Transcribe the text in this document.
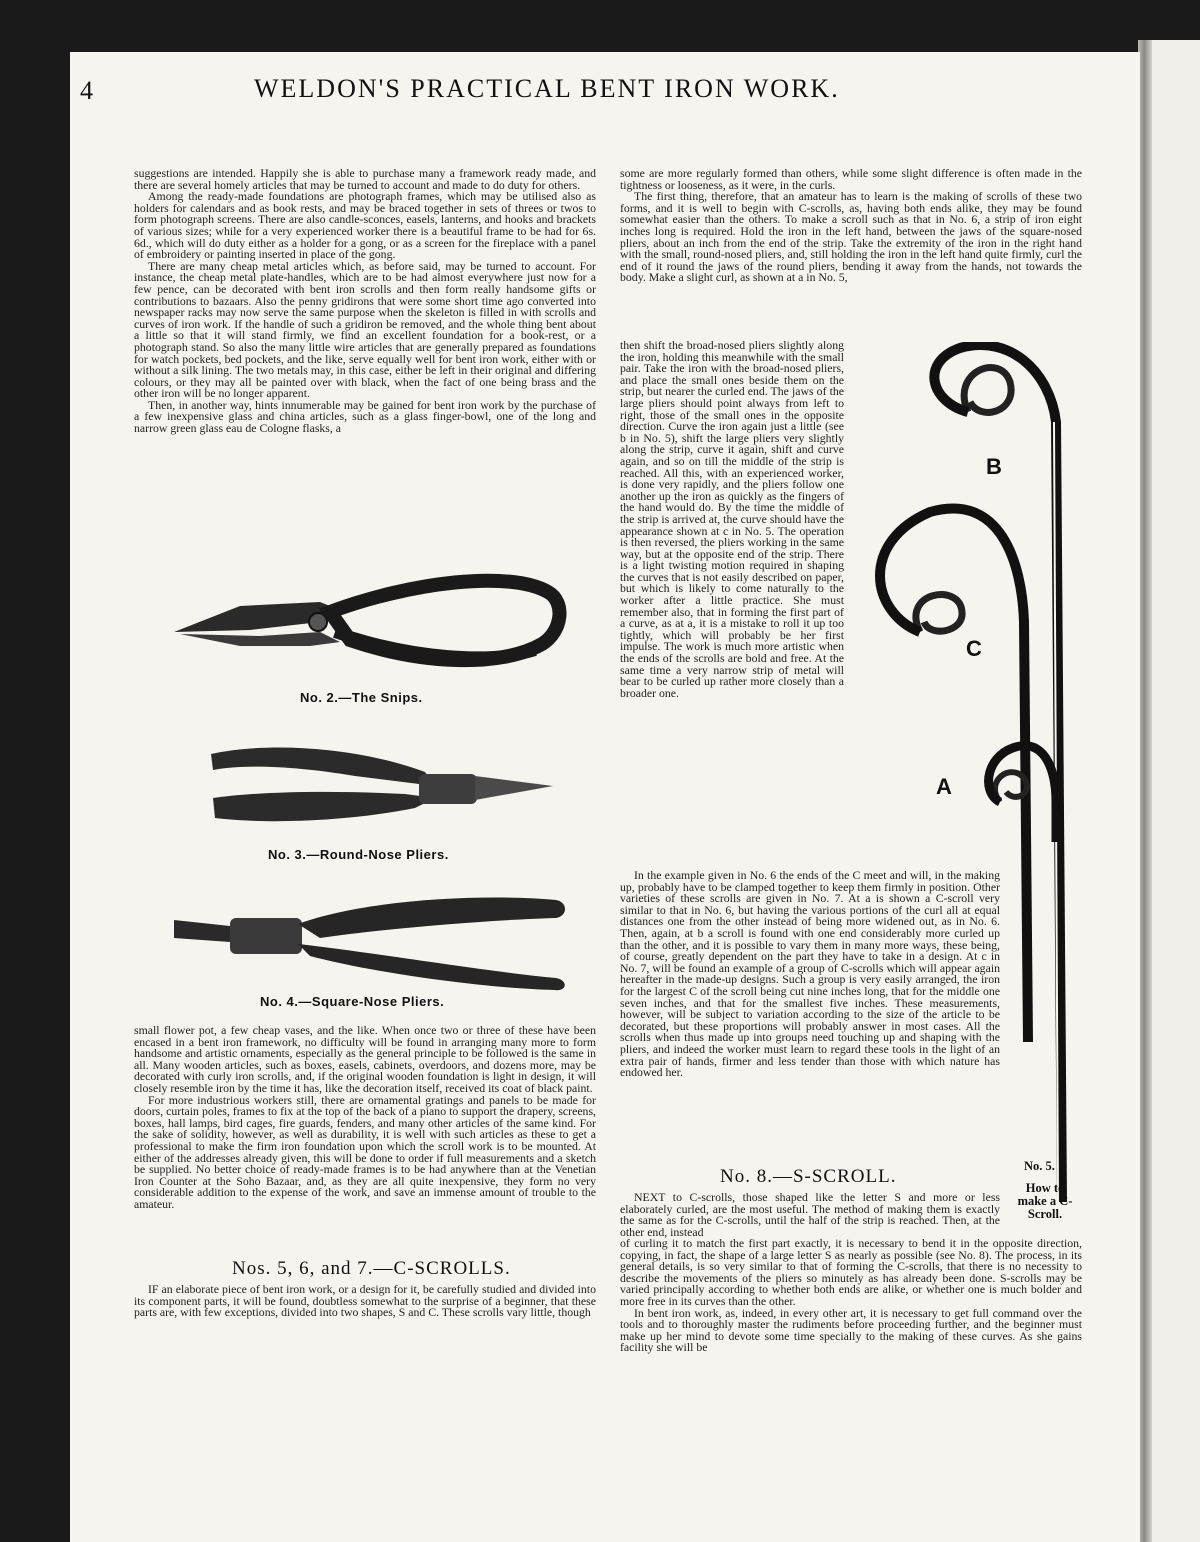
4	WELDON'S PRACTICAL BENT IRON WORK.

suggestions are intended. Happily she is able to purchase many a framework ready made, and there are several homely articles that may be turned to account and made to do duty for others.

Among the ready-made foundations are photograph frames, which may be utilised also as holders for calendars and as book rests, and may be braced together in sets of threes or twos to form photograph screens. There are also candle-sconces, easels, lanterns, and hooks and brackets of various sizes; while for a very experienced worker there is a beautiful frame to be had for 6s. 6d., which will do duty either as a holder for a gong, or as a screen for the fireplace with a panel of embroidery or painting inserted in place of the gong.

There are many cheap metal articles which, as before said, may be turned to account. For instance, the cheap metal plate-handles, which are to be had almost everywhere just now for a few pence, can be decorated with bent iron scrolls and then form really handsome gifts or contributions to bazaars. Also the penny gridirons that were some short time ago converted into newspaper racks may now serve the same purpose when the skeleton is filled in with scrolls and curves of iron work. If the handle of such a gridiron be removed, and the whole thing bent about a little so that it will stand firmly, we find an excellent foundation for a book-rest, or a photograph stand. So also the many little wire articles that are generally prepared as foundations for watch pockets, bed pockets, and the like, serve equally well for bent iron work, either with or without a silk lining. The two metals may, in this case, either be left in their original and differing colours, or they may all be painted over with black, when the fact of one being brass and the other iron will be no longer apparent.

Then, in another way, hints innumerable may be gained for bent iron work by the purchase of a few inexpensive glass and china articles, such as a glass finger-bowl, one of the long and narrow green glass eau de Cologne flasks, a

No. 2.—The Snips.
No. 3.—Round-Nose Pliers.
No. 4.—Square-Nose Pliers.

small flower pot, a few cheap vases, and the like. When once two or three of these have been encased in a bent iron framework, no difficulty will be found in arranging many more to form handsome and artistic ornaments, especially as the general principle to be followed is the same in all. Many wooden articles, such as boxes, easels, cabinets, overdoors, and dozens more, may be decorated with curly iron scrolls, and, if the original wooden foundation is light in design, it will closely resemble iron by the time it has, like the decoration itself, received its coat of black paint.

For more industrious workers still, there are ornamental gratings and panels to be made for doors, curtain poles, frames to fix at the top of the back of a piano to support the drapery, screens, boxes, hall lamps, bird cages, fire guards, fenders, and many other articles of the same kind. For the sake of solidity, however, as well as durability, it is well with such articles as these to get a professional to make the firm iron foundation upon which the scroll work is to be mounted. At either of the addresses already given, this will be done to order if full measurements and a sketch be supplied. No better choice of ready-made frames is to be had anywhere than at the Venetian Iron Counter at the Soho Bazaar, and, as they are all quite inexpensive, they form no very considerable addition to the expense of the work, and save an immense amount of trouble to the amateur.

Nos. 5, 6, and 7.—C-SCROLLS.

IF an elaborate piece of bent iron work, or a design for it, be carefully studied and divided into its component parts, it will be found, doubtless somewhat to the surprise of a beginner, that these parts are, with few exceptions, divided into two shapes, S and C. These scrolls vary little, though

some are more regularly formed than others, while some slight difference is often made in the tightness or looseness, as it were, in the curls.

The first thing, therefore, that an amateur has to learn is the making of scrolls of these two forms, and it is well to begin with C-scrolls, as, having both ends alike, they may be found somewhat easier than the others. To make a scroll such as that in No. 6, a strip of iron eight inches long is required. Hold the iron in the left hand, between the jaws of the square-nosed pliers, about an inch from the end of the strip. Take the extremity of the iron in the right hand with the small, round-nosed pliers, and, still holding the iron in the left hand quite firmly, curl the end of it round the jaws of the round pliers, bending it away from the hands, not towards the body. Make a slight curl, as shown at a in No. 5,

then shift the broad-nosed pliers slightly along the iron, holding this meanwhile with the small pair. Take the iron with the broad-nosed pliers, and place the small ones beside them on the strip, but nearer the curled end. The jaws of the large pliers should point always from left to right, those of the small ones in the opposite direction. Curve the iron again just a little (see b in No. 5), shift the large pliers very slightly along the strip, curve it again, shift and curve again, and so on till the middle of the strip is reached. All this, with an experienced worker, is done very rapidly, and the pliers follow one another up the iron as quickly as the fingers of the hand would do. By the time the middle of the strip is arrived at, the curve should have the appearance shown at c in No. 5. The operation is then reversed, the pliers working in the same way, but at the opposite end of the strip. There is a light twisting motion required in shaping the curves that is not easily described on paper, but which is likely to come naturally to the worker after a little practice. She must remember also, that in forming the first part of a curve, as at a, it is a mistake to roll it up too tightly, which will probably be her first impulse. The work is much more artistic when the ends of the scrolls are bold and free. At the same time a very narrow strip of metal will bear to be curled up rather more closely than a broader one.

B
C
A

In the example given in No. 6 the ends of the C meet and will, in the making up, probably have to be clamped together to keep them firmly in position. Other varieties of these scrolls are given in No. 7. At a is shown a C-scroll very similar to that in No. 6, but having the various portions of the curl all at equal distances one from the other instead of being more widened out, as in No. 6. Then, again, at b a scroll is found with one end considerably more curled up than the other, and it is possible to vary them in many more ways, these being, of course, greatly dependent on the part they have to take in a design. At c in No. 7, will be found an example of a group of C-scrolls which will appear again hereafter in the made-up designs. Such a group is very easily arranged, the iron for the largest C of the scroll being cut nine inches long, that for the middle one seven inches, and that for the smallest five inches. These measurements, however, will be subject to variation according to the size of the article to be decorated, but these proportions will probably answer in most cases. All the scrolls when thus made up into groups need touching up and shaping with the pliers, and indeed the worker must learn to regard these tools in the light of an extra pair of hands, firmer and less tender than those with which nature has endowed her.

No. 5.
How to make a C-Scroll.
No. 8.—S-SCROLL.

NEXT to C-scrolls, those shaped like the letter S and more or less elaborately curled, are the most useful. The method of making them is exactly the same as for the C-scrolls, until the half of the strip is reached. Then, at the other end, instead

of curling it to match the first part exactly, it is necessary to bend it in the opposite direction, copying, in fact, the shape of a large letter S as nearly as possible (see No. 8). The process, in its general details, is so very similar to that of forming the C-scrolls, that there is no necessity to describe the movements of the pliers so minutely as has already been done. S-scrolls may be varied principally according to whether both ends are alike, or whether one is much bolder and more free in its curves than the other.

In bent iron work, as, indeed, in every other art, it is necessary to get full command over the tools and to thoroughly master the rudiments before proceeding further, and the beginner must make up her mind to devote some time specially to the making of these curves. As she gains facility she will be
